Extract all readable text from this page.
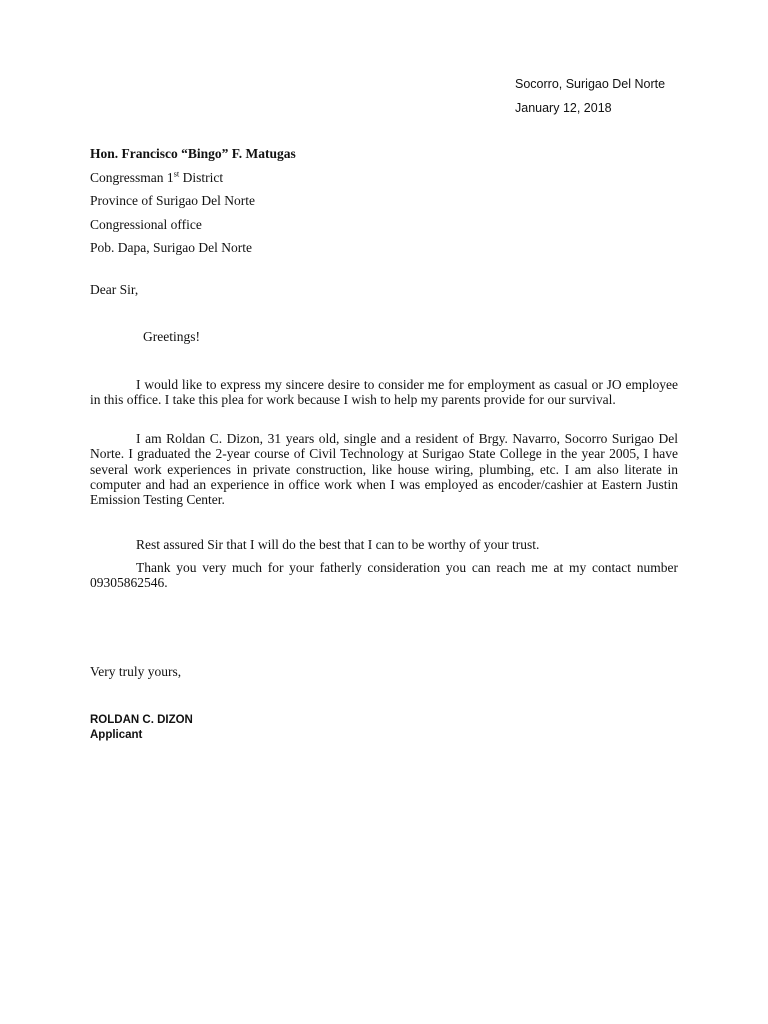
Socorro, Surigao Del Norte
January 12, 2018
Hon. Francisco “Bingo” F. Matugas
Congressman 1st District
Province of Surigao Del Norte
Congressional office
Pob. Dapa, Surigao Del Norte
Dear Sir,
Greetings!

I would like to express my sincere desire to consider me for employment as casual or JO employee in this office. I take this plea for work because I wish to help my parents provide for our survival.

I am Roldan C. Dizon, 31 years old, single and a resident of Brgy. Navarro, Socorro Surigao Del Norte. I graduated the 2-year course of Civil Technology at Surigao State College in the year 2005, I have several work experiences in private construction, like house wiring, plumbing, etc. I am also literate in computer and had an experience in office work when I was employed as encoder/cashier at Eastern Justin Emission Testing Center.

Rest assured Sir that I will do the best that I can to be worthy of your trust.

Thank you very much for your fatherly consideration you can reach me at my contact number 09305862546.

Very truly yours,
ROLDAN C. DIZON
Applicant
